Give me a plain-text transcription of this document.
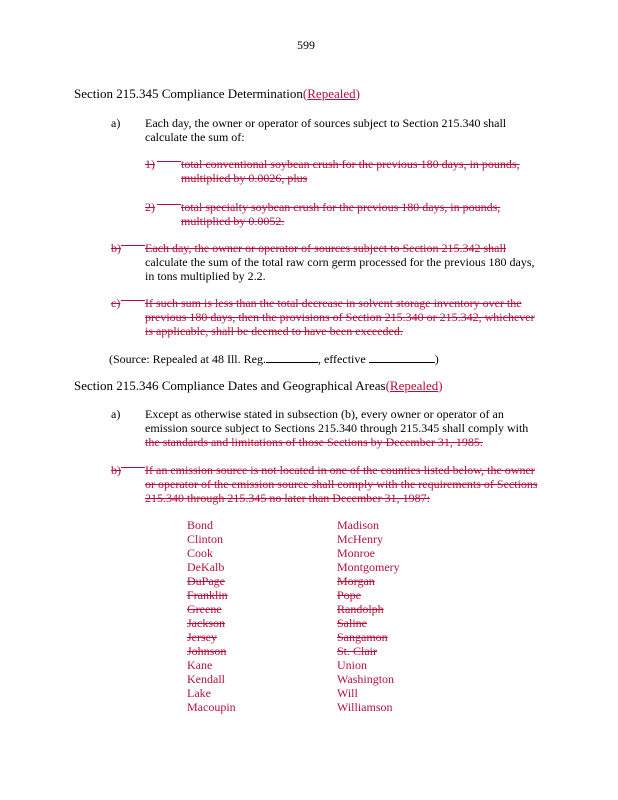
599
Section 215.345 Compliance Determination(Repealed)
a) Each day, the owner or operator of sources subject to Section 215.340 shall
calculate the sum of:
1) total conventional soybean crush for the previous 180 days, in pounds,
multiplied by 0.0026, plus
2) total specialty soybean crush for the previous 180 days, in pounds,
multiplied by 0.0052.
b) Each day, the owner or operator of sources subject to Section 215.342 shall
calculate the sum of the total raw corn germ processed for the previous 180 days,
in tons multiplied by 2.2.
c) If such sum is less than the total decrease in solvent storage inventory over the
previous 180 days, then the provisions of Section 215.340 or 215.342, whichever
is applicable, shall be deemed to have been exceeded.
(Source: Repealed at 48 Ill. Reg.	, effective	)
Section 215.346 Compliance Dates and Geographical Areas(Repealed)
a) Except as otherwise stated in subsection (b), every owner or operator of an
emission source subject to Sections 215.340 through 215.345 shall comply with
the standards and limitations of those Sections by December 31, 1985.
b) If an emission source is not located in one of the counties listed below, the owner
or operator of the emission source shall comply with the requirements of Sections
215.340 through 215.345 no later than December 31, 1987:
Bond
Clinton
Cook
DeKalb
DuPage
Franklin
Greene
Jackson
Jersey
Johnson
Kane
Kendall
Lake
Macoupin
Madison
McHenry
Monroe
Montgomery
Morgan
Pope
Randolph
Saline
Sangamon
St. Clair
Union
Washington
Will
Williamson
